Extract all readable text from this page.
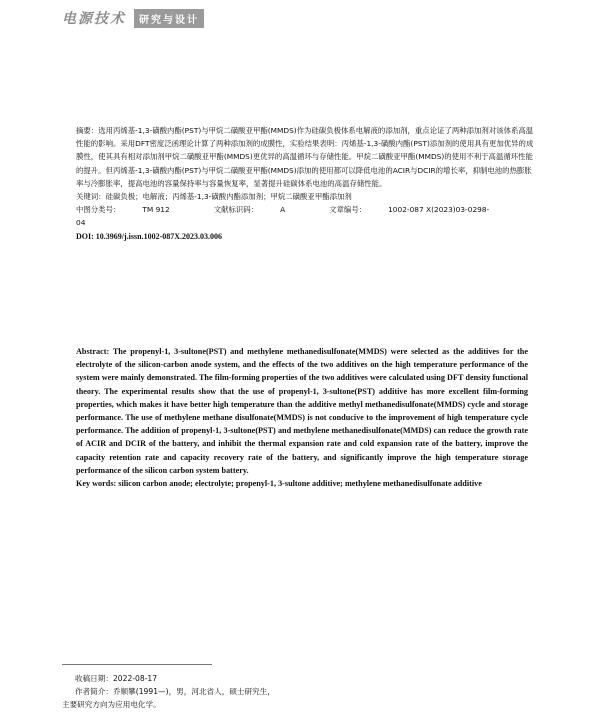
电源技术	研究与设计

摘要：选用丙烯基-1,3-磺酸内酯(PST)与甲烷二磺酸亚甲酯(MMDS)作为硅碳负极体系电解液的添加剂，重点论证了两种添加剂对该体系高温性能的影响。采用DFT密度泛函理论计算了两种添加剂的成膜性，实验结果表明：丙烯基-1,3-磺酸内酯(PST)添加剂的使用具有更加优异的成膜性，使其具有相对添加剂甲烷二磺酸亚甲酯(MMDS)更优异的高温循环与存储性能。甲烷二磺酸亚甲酯(MMDS)的使用不利于高温循环性能的提升。但丙烯基-1,3-磺酸内酯(PST)与甲烷二磺酸亚甲酯(MMDS)添加的使用都可以降低电池的ACIR与DCIR的增长率，抑制电池的热膨胀率与冷膨胀率，提高电池的容量保持率与容量恢复率，显著提升硅碳体系电池的高温存储性能。

关键词：硅碳负极；电解液；丙烯基-1,3-磺酸内酯添加剂；甲烷二磺酸亚甲酯添加剂

中图分类号：	TM 912	文献标识码：	A	文章编号：	1002-087 X(2023)03-0298-04

DOI: 10.3969/j.issn.1002-087X.2023.03.006

Abstract: The propenyl-1, 3-sultone(PST) and methylene methanedisulfonate(MMDS) were selected as the additives for the electrolyte of the silicon-carbon anode system, and the effects of the two additives on the high temperature performance of the system were mainly demonstrated. The film-forming properties of the two additives were calculated using DFT density functional theory. The experimental results show that the use of propenyl-1, 3-sultone(PST) additive has more excellent film-forming properties, which makes it have better high temperature than the additive methyl methanedisulfonate(MMDS) cycle and storage performance. The use of methylene methane disulfonate(MMDS) is not conducive to the improvement of high temperature cycle performance. The addition of propenyl-1, 3-sultone(PST) and methylene methanedisulfonate(MMDS) can reduce the growth rate of ACIR and DCIR of the battery, and inhibit the thermal expansion rate and cold expansion rate of the battery, improve the capacity retention rate and capacity recovery rate of the battery, and significantly improve the high temperature storage performance of the silicon carbon system battery.

Key words: silicon carbon anode; electrolyte; propenyl-1, 3-sultone additive; methylene methanedisulfonate additive

收稿日期：2022-08-17

作者简介：乔顺攀(1991—)，男，河北省人，硕士研究生，

主要研究方向为应用电化学。
